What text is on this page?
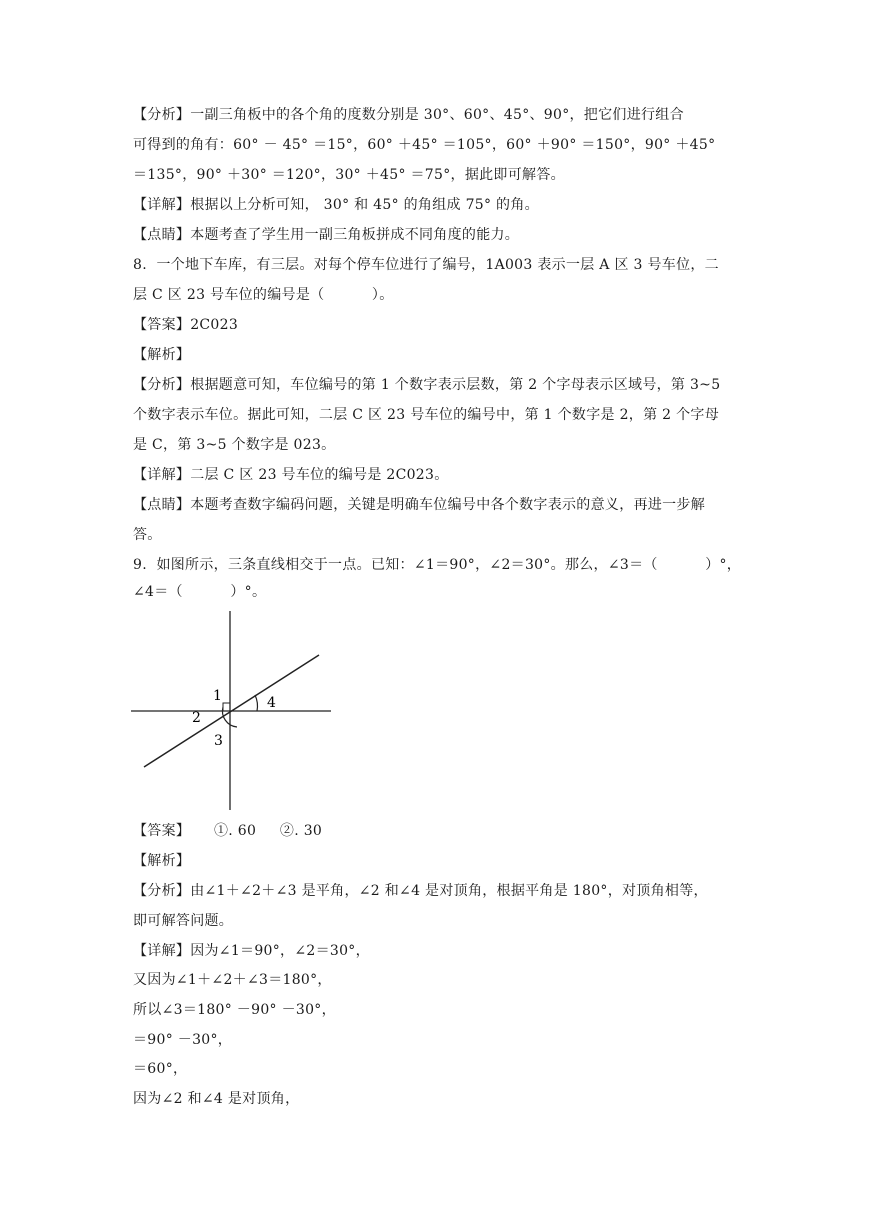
【分析】一副三角板中的各个角的度数分别是 30°、60°、45°、90°，把它们进行组合
可得到的角有：60° － 45° ＝15°，60° ＋45° ＝105°，60° ＋90° ＝150°，90° ＋45°
＝135°，90° ＋30° ＝120°，30° ＋45° ＝75°，据此即可解答。
【详解】根据以上分析可知， 30° 和 45° 的角组成 75° 的角。
【点睛】本题考查了学生用一副三角板拼成不同角度的能力。
8.  一个地下车库，有三层。对每个停车位进行了编号，1A003 表示一层 A 区 3 号车位，二
层 C 区 23 号车位的编号是（          ）。
【答案】2C023
【解析】
【分析】根据题意可知，车位编号的第 1 个数字表示层数，第 2 个字母表示区域号，第 3~5
个数字表示车位。据此可知，二层 C 区 23 号车位的编号中，第 1 个数字是 2，第 2 个字母
是 C，第 3~5 个数字是 023。
【详解】二层 C 区 23 号车位的编号是 2C023。
【点睛】本题考查数字编码问题，关键是明确车位编号中各个数字表示的意义，再进一步解
答。
9.  如图所示，三条直线相交于一点。已知：∠1＝90°，∠2＝30°。那么，∠3＝（          ）°，
∠4＝（          ）°。
1
2
3
4
【答案】     ①. 60     ②. 30
【解析】
【分析】由∠1＋∠2＋∠3 是平角，∠2 和∠4 是对顶角，根据平角是 180°，对顶角相等，
即可解答问题。
【详解】因为∠1＝90°，∠2＝30°，
又因为∠1＋∠2＋∠3＝180°，
所以∠3＝180° －90° －30°，
＝90° －30°，
＝60°，
因为∠2 和∠4 是对顶角，
